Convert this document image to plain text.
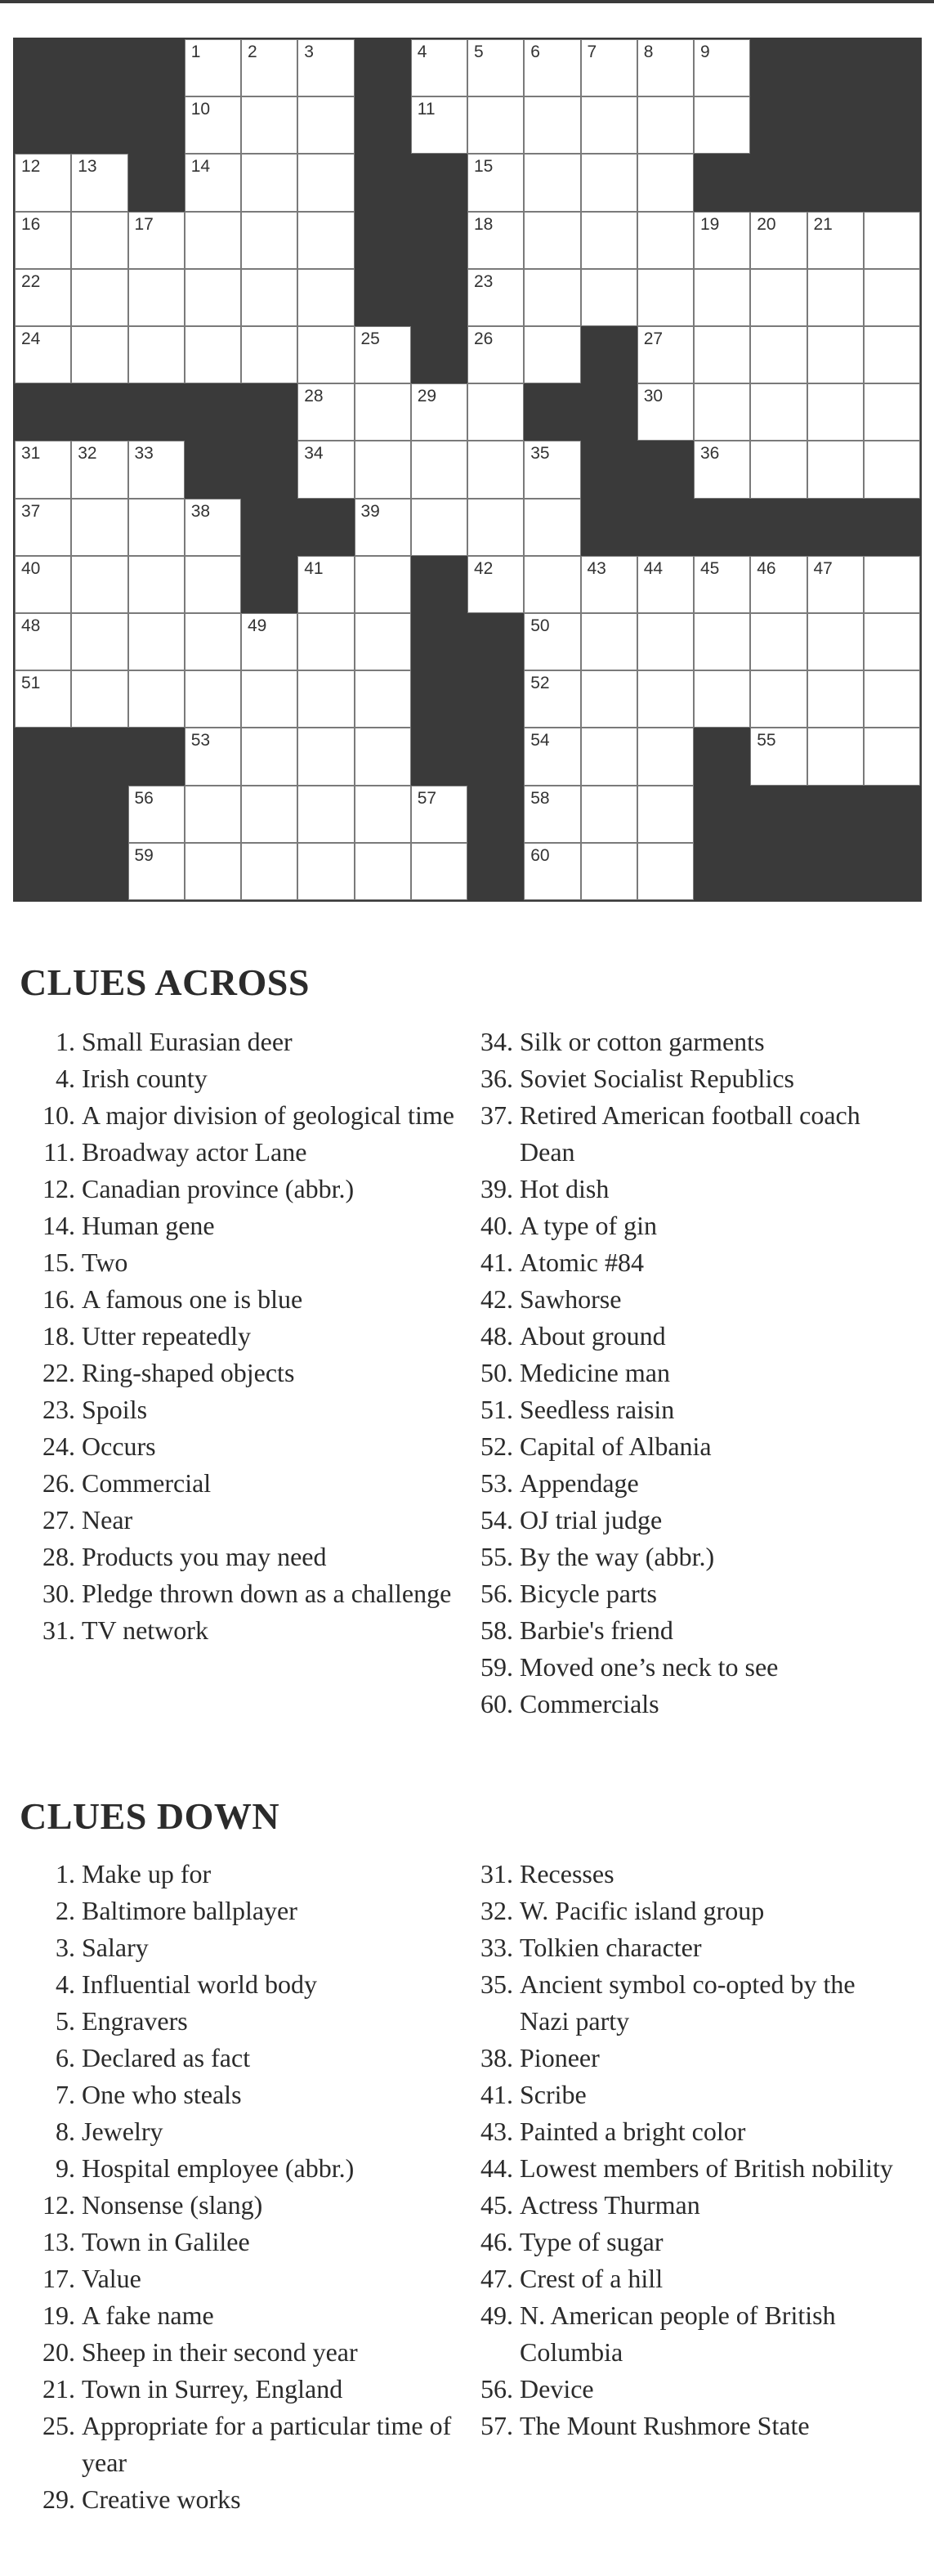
1	2	3	4	5	6	7	8	9
10	11
12 13	14	15
16	17	18	19 20 21
22	23
24	25	26	27
28	29	30
31 32 33	34	35	36
37	38	39
40	41	42	43 44 45 46 47
48	49	50
51	52
53	54	55
56	57	58
59	60
CLUES ACROSS
1. Small Eurasian deer
4. Irish county
10. A major division of geological time
11. Broadway actor Lane
12. Canadian province (abbr.)
14. Human gene
15. Two
16. A famous one is blue
18. Utter repeatedly
22. Ring-shaped objects
23. Spoils
24. Occurs
26. Commercial
27. Near
28. Products you may need
30. Pledge thrown down as a challenge
31. TV network
34. Silk or cotton garments
36. Soviet Socialist Republics
37. Retired American football coach Dean
39. Hot dish
40. A type of gin
41. Atomic #84
42. Sawhorse
48. About ground
50. Medicine man
51. Seedless raisin
52. Capital of Albania
53. Appendage
54. OJ trial judge
55. By the way (abbr.)
56. Bicycle parts
58. Barbie's friend
59. Moved one’s neck to see
60. Commercials
CLUES DOWN
1. Make up for
2. Baltimore ballplayer
3. Salary
4. Influential world body
5. Engravers
6. Declared as fact
7. One who steals
8. Jewelry
9. Hospital employee (abbr.)
12. Nonsense (slang)
13. Town in Galilee
17. Value
19. A fake name
20. Sheep in their second year
21. Town in Surrey, England
25. Appropriate for a particular time of year
29. Creative works
31. Recesses
32. W. Pacific island group
33. Tolkien character
35. Ancient symbol co-opted by the Nazi party
38. Pioneer
41. Scribe
43. Painted a bright color
44. Lowest members of British nobility
45. Actress Thurman
46. Type of sugar
47. Crest of a hill
49. N. American people of British Columbia
56. Device
57. The Mount Rushmore State
